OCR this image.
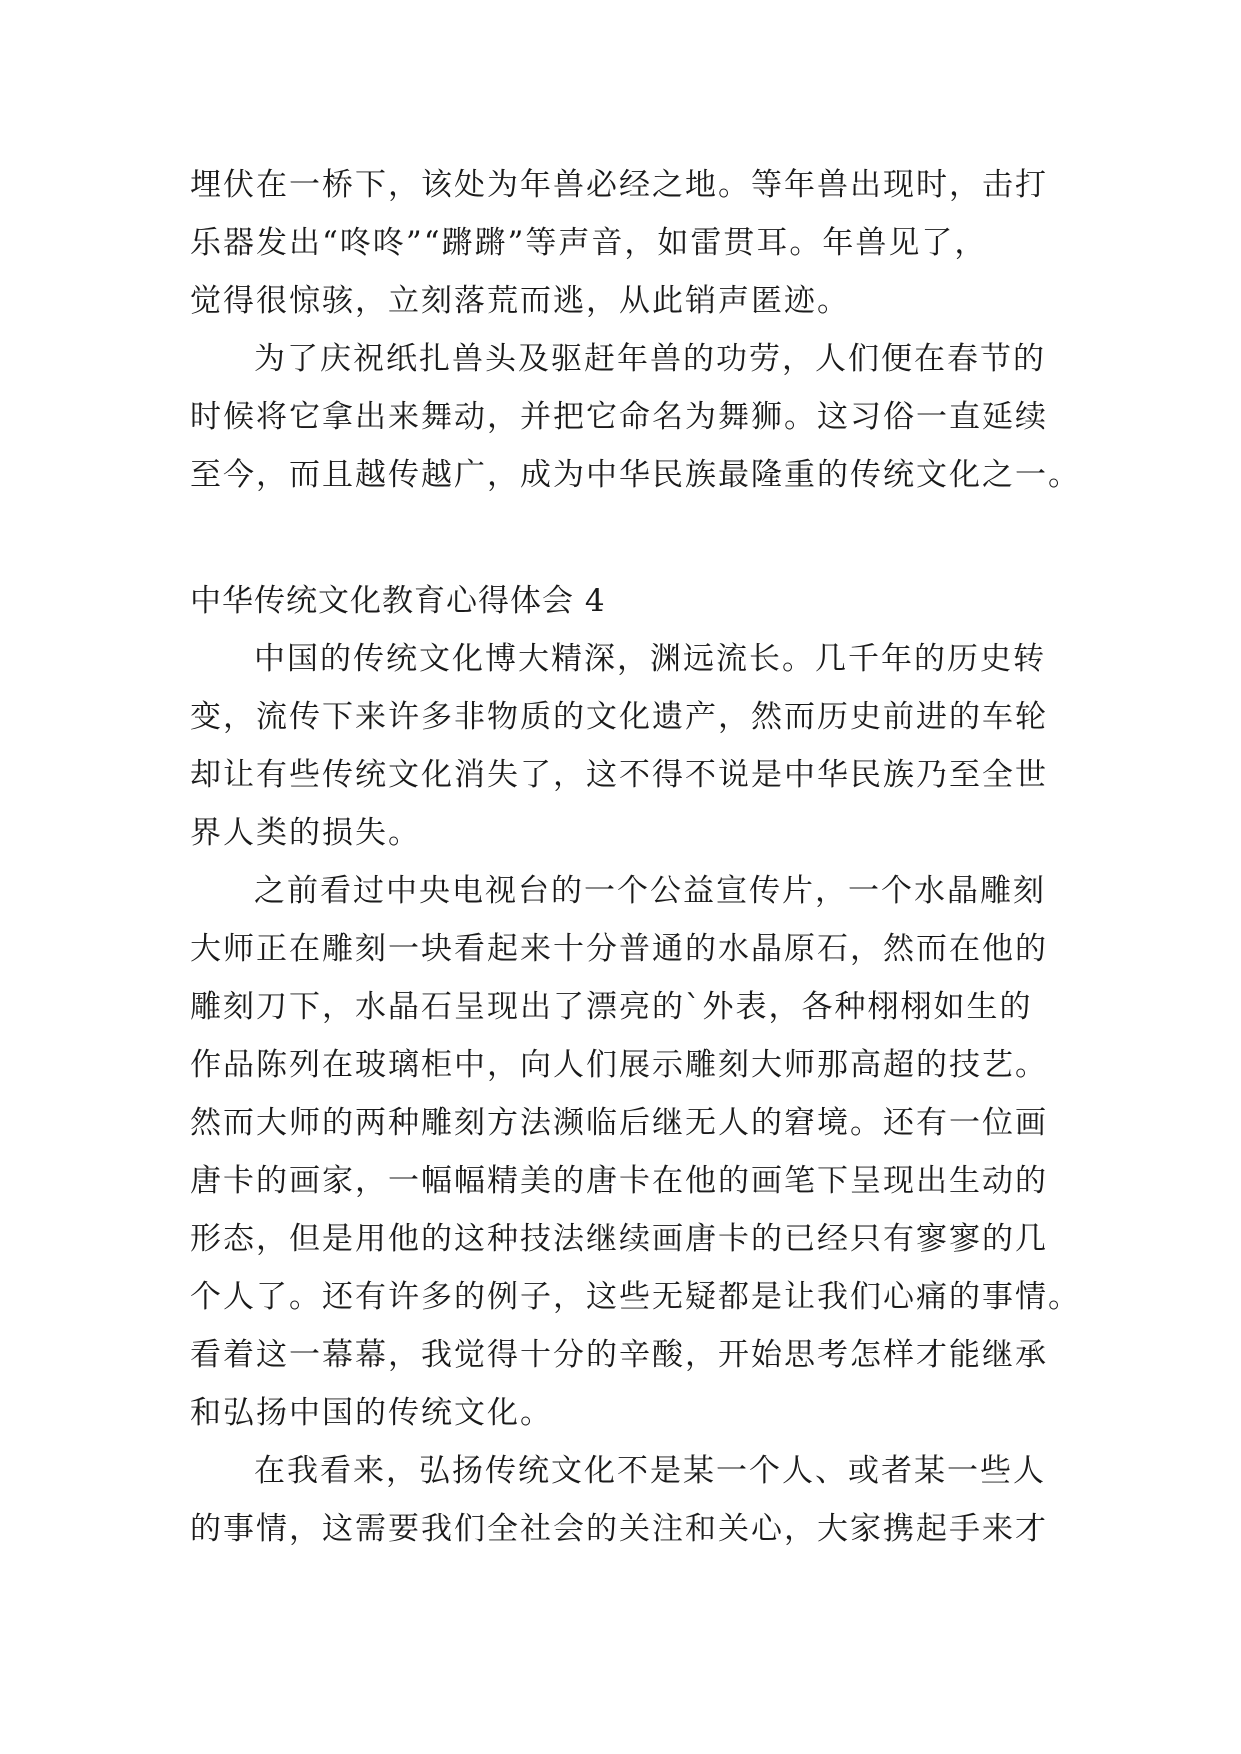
埋伏在一桥下，该处为年兽必经之地。等年兽出现时，击打
乐器发出“咚咚”“蹡蹡”等声音，如雷贯耳。年兽见了，
觉得很惊骇，立刻落荒而逃，从此销声匿迹。
为了庆祝纸扎兽头及驱赶年兽的功劳，人们便在春节的
时候将它拿出来舞动，并把它命名为舞狮。这习俗一直延续
至今，而且越传越广，成为中华民族最隆重的传统文化之一。
中华传统文化教育心得体会 4
中国的传统文化博大精深，渊远流长。几千年的历史转
变，流传下来许多非物质的文化遗产，然而历史前进的车轮
却让有些传统文化消失了，这不得不说是中华民族乃至全世
界人类的损失。
之前看过中央电视台的一个公益宣传片，一个水晶雕刻
大师正在雕刻一块看起来十分普通的水晶原石，然而在他的
雕刻刀下，水晶石呈现出了漂亮的`外表，各种栩栩如生的
作品陈列在玻璃柜中，向人们展示雕刻大师那高超的技艺。
然而大师的两种雕刻方法濒临后继无人的窘境。还有一位画
唐卡的画家，一幅幅精美的唐卡在他的画笔下呈现出生动的
形态，但是用他的这种技法继续画唐卡的已经只有寥寥的几
个人了。还有许多的例子，这些无疑都是让我们心痛的事情。
看着这一幕幕，我觉得十分的辛酸，开始思考怎样才能继承
和弘扬中国的传统文化。
在我看来，弘扬传统文化不是某一个人、或者某一些人
的事情，这需要我们全社会的关注和关心，大家携起手来才
